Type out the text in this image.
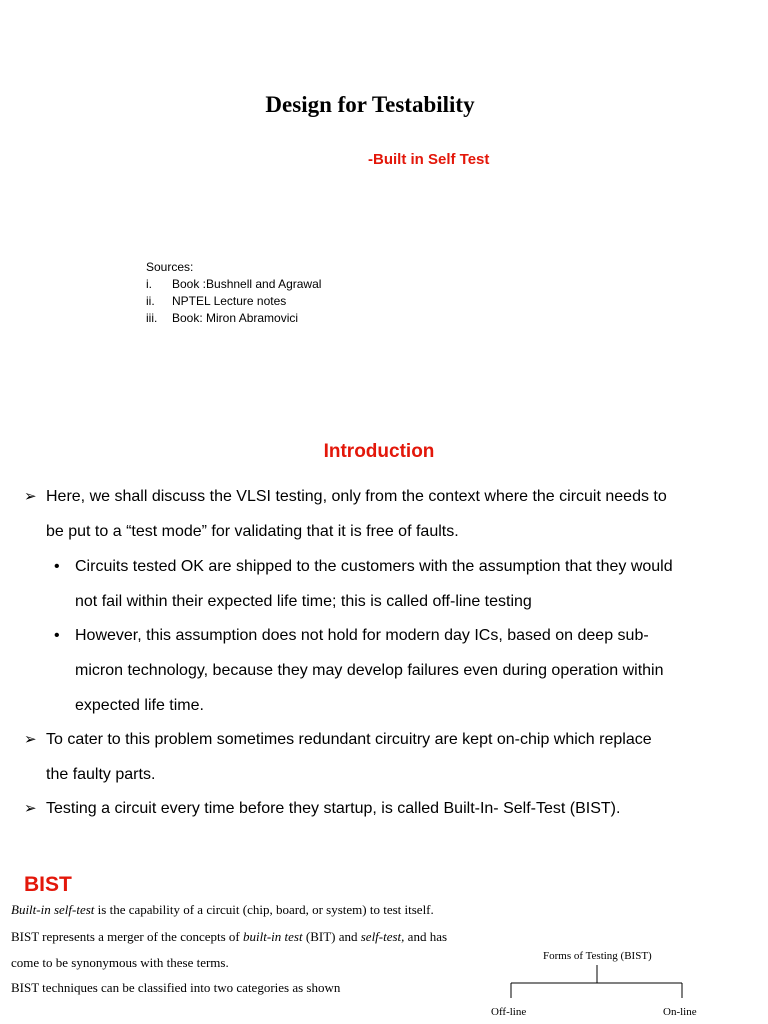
Design for Testability
-Built in Self Test
Sources:
i.	Book :Bushnell and Agrawal
ii.	NPTEL Lecture notes
iii.	Book: Miron Abramovici
Introduction
➢ Here, we shall discuss the VLSI testing, only from the context where the circuit needs to
be put to a “test mode” for validating that it is free of faults.
• Circuits tested OK are shipped to the customers with the assumption that they would
not fail within their expected life time; this is called off-line testing
• However, this assumption does not hold for modern day ICs, based on deep sub-
micron technology, because they may develop failures even during operation within
expected life time.
➢ To cater to this problem sometimes redundant circuitry are kept on-chip which replace
the faulty parts.
➢ Testing a circuit every time before they startup, is called Built-In- Self-Test (BIST).
BIST
Built-in self-test is the capability of a circuit (chip, board, or system) to test itself.
BIST represents a merger of the concepts of built-in test (BIT) and self-test, and has
come to be synonymous with these terms.
BIST techniques can be classified into two categories as shown
Forms of Testing (BIST)
Off-line	On-line
